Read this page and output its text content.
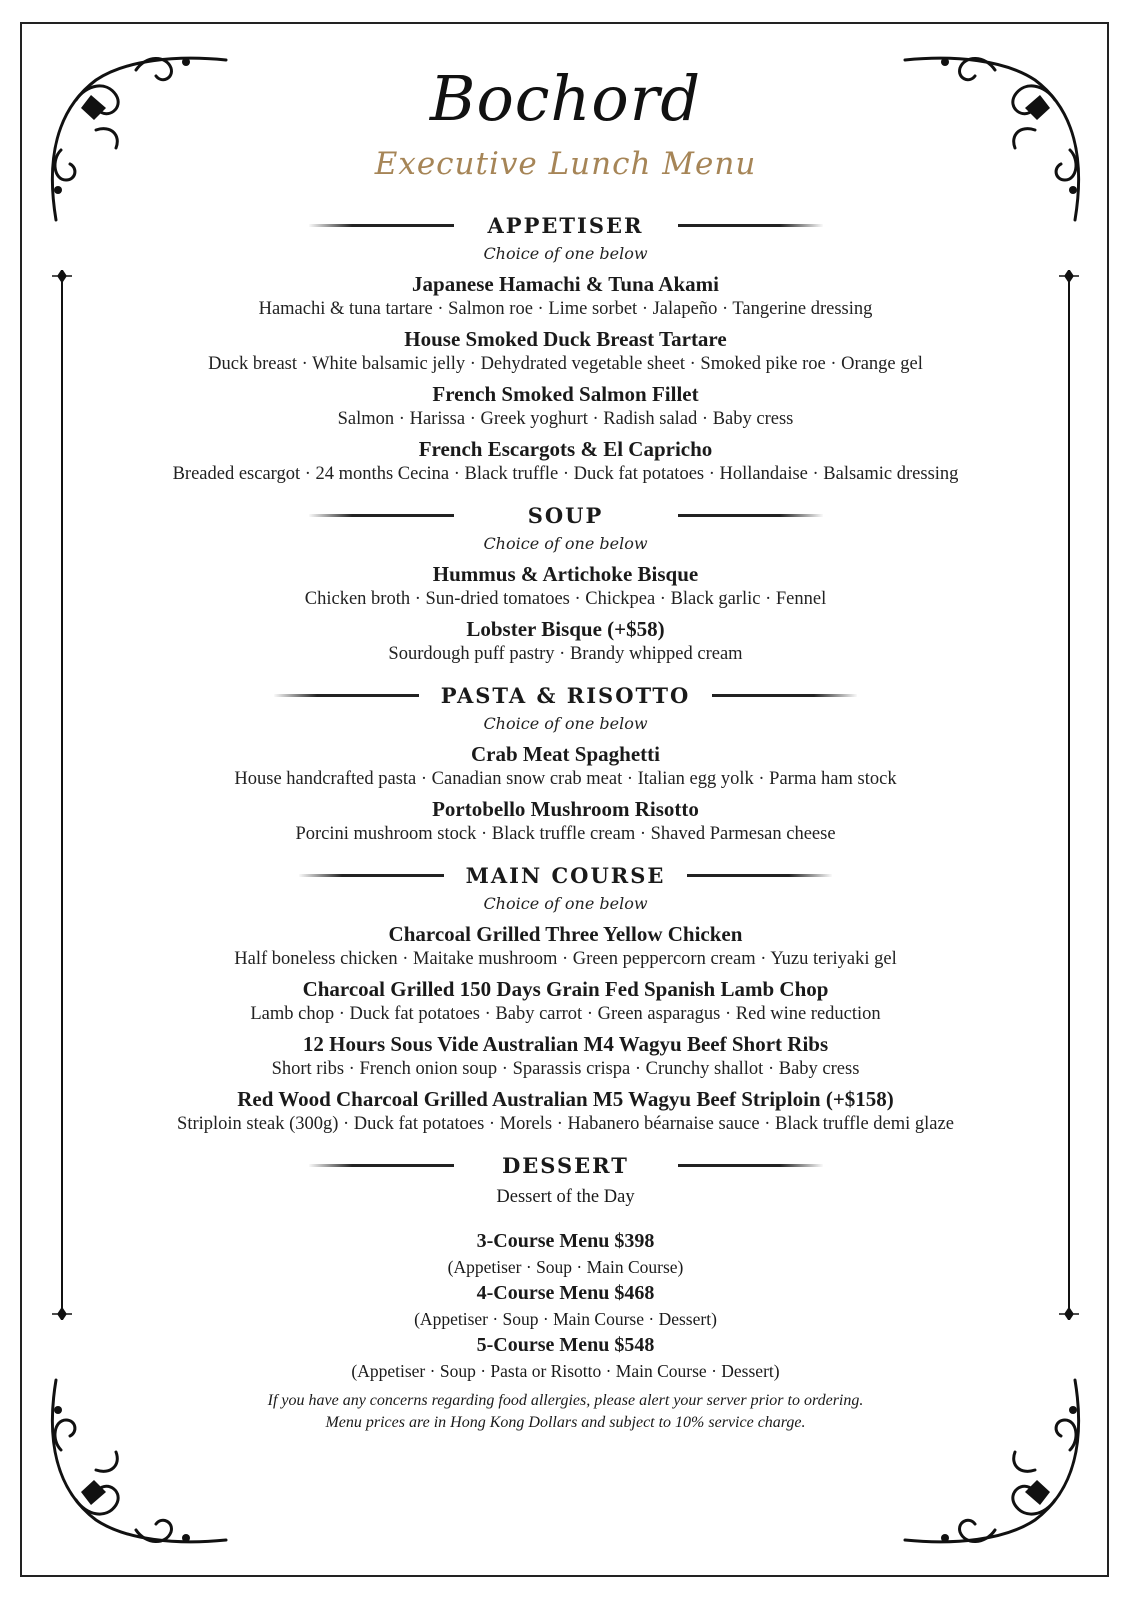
Bochord
Executive Lunch Menu
APPETISER
Choice of one below
Japanese Hamachi & Tuna Akami
Hamachi & tuna tartare · Salmon roe · Lime sorbet · Jalapeño · Tangerine dressing
House Smoked Duck Breast Tartare
Duck breast · White balsamic jelly · Dehydrated vegetable sheet · Smoked pike roe · Orange gel
French Smoked Salmon Fillet
Salmon · Harissa · Greek yoghurt · Radish salad · Baby cress
French Escargots & El Capricho
Breaded escargot · 24 months Cecina · Black truffle · Duck fat potatoes · Hollandaise · Balsamic dressing
SOUP
Choice of one below
Hummus & Artichoke Bisque
Chicken broth · Sun-dried tomatoes · Chickpea · Black garlic · Fennel
Lobster Bisque (+$58)
Sourdough puff pastry · Brandy whipped cream
PASTA & RISOTTO
Choice of one below
Crab Meat Spaghetti
House handcrafted pasta · Canadian snow crab meat · Italian egg yolk · Parma ham stock
Portobello Mushroom Risotto
Porcini mushroom stock · Black truffle cream · Shaved Parmesan cheese
MAIN COURSE
Choice of one below
Charcoal Grilled Three Yellow Chicken
Half boneless chicken · Maitake mushroom · Green peppercorn cream · Yuzu teriyaki gel
Charcoal Grilled 150 Days Grain Fed Spanish Lamb Chop
Lamb chop · Duck fat potatoes · Baby carrot · Green asparagus · Red wine reduction
12 Hours Sous Vide Australian M4 Wagyu Beef Short Ribs
Short ribs · French onion soup · Sparassis crispa · Crunchy shallot · Baby cress
Red Wood Charcoal Grilled Australian M5 Wagyu Beef Striploin (+$158)
Striploin steak (300g) · Duck fat potatoes · Morels · Habanero béarnaise sauce · Black truffle demi glaze
DESSERT
Dessert of the Day
3-Course Menu $398
(Appetiser · Soup · Main Course)
4-Course Menu $468
(Appetiser · Soup · Main Course · Dessert)
5-Course Menu $548
(Appetiser · Soup · Pasta or Risotto · Main Course · Dessert)
If you have any concerns regarding food allergies, please alert your server prior to ordering.
Menu prices are in Hong Kong Dollars and subject to 10% service charge.
